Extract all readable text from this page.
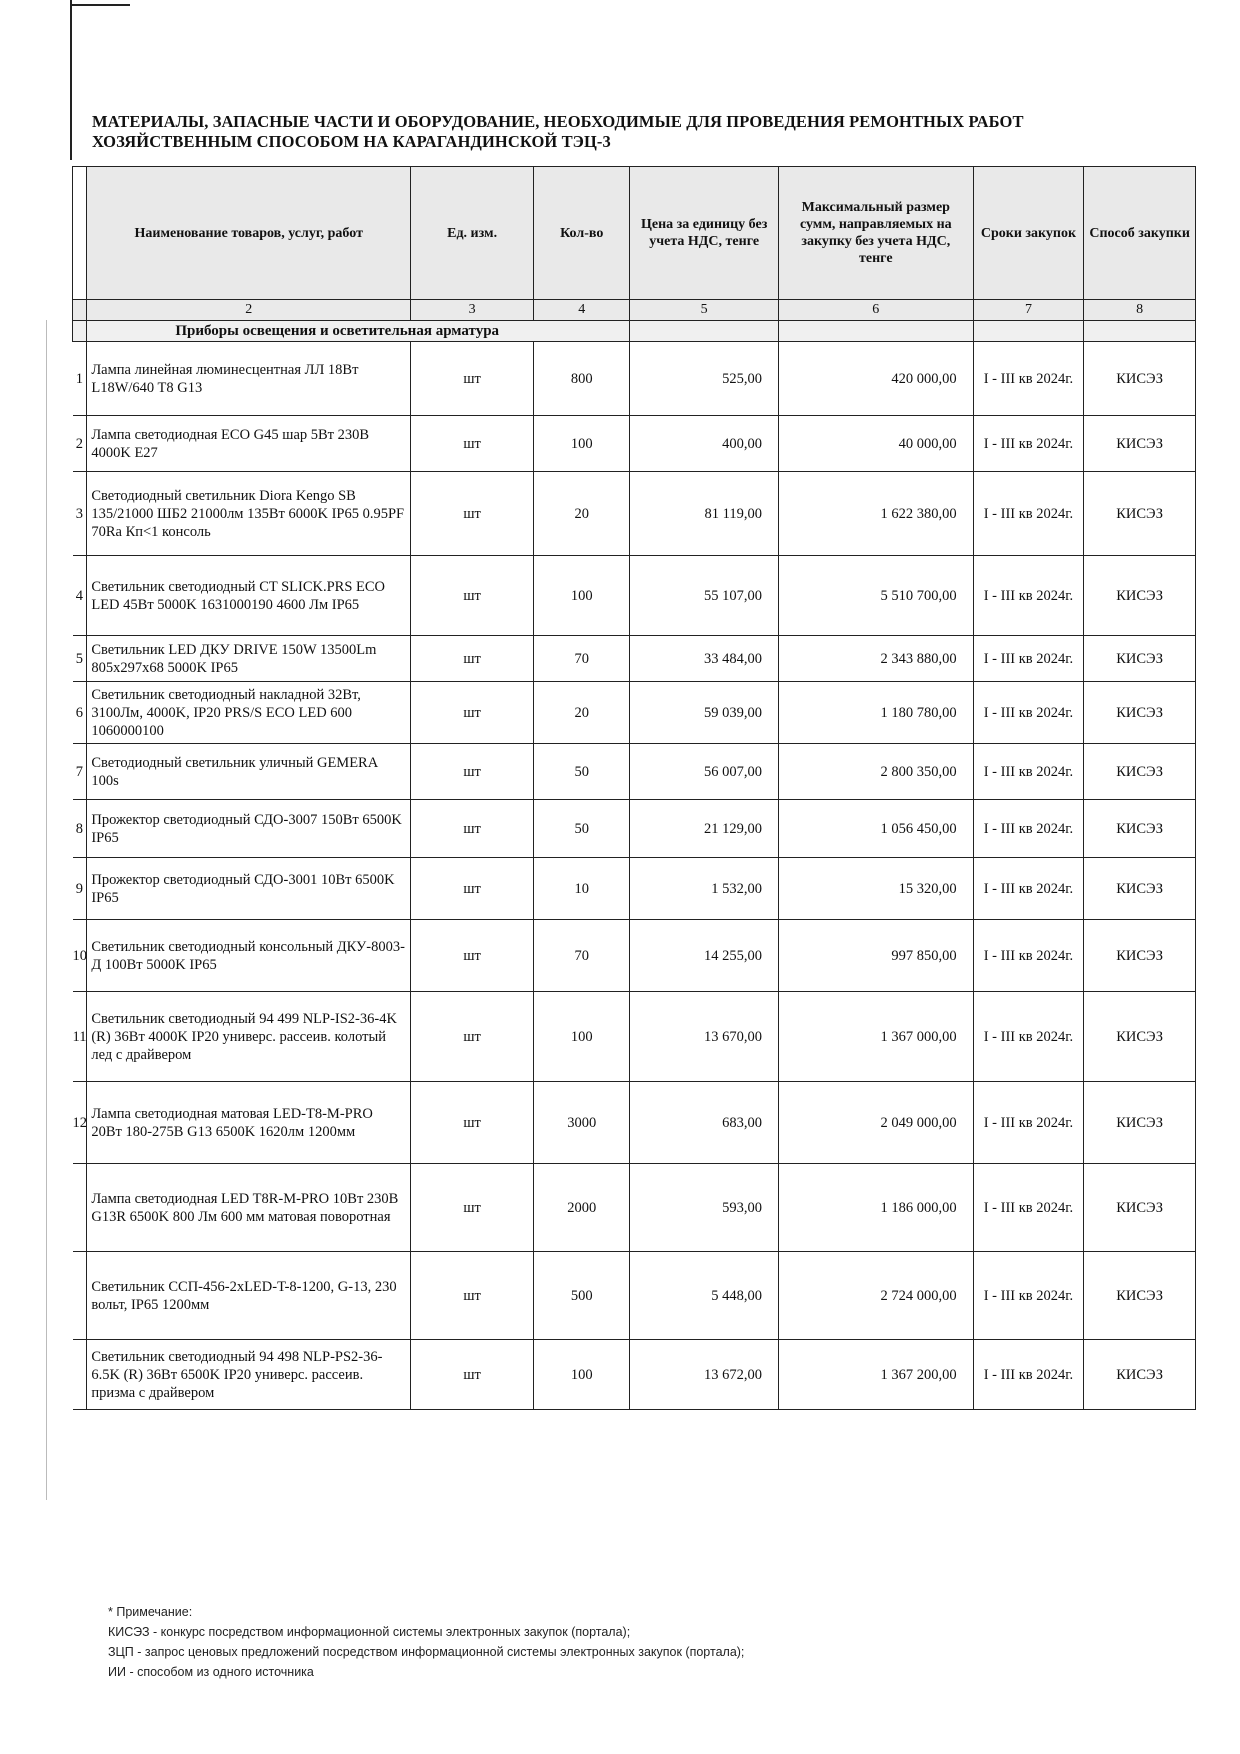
МАТЕРИАЛЫ, ЗАПАСНЫЕ ЧАСТИ И ОБОРУДОВАНИЕ, НЕОБХОДИМЫЕ ДЛЯ ПРОВЕДЕНИЯ РЕМОНТНЫХ РАБОТ
ХОЗЯЙСТВЕННЫМ СПОСОБОМ НА КАРАГАНДИНСКОЙ ТЭЦ-3
	Наименование товаров, услуг, работ	Ед. изм.	Кол-во	Цена за единицу без учета НДС, тенге	Максимальный размер сумм, направляемых на закупку без учета НДС, тенге	Сроки закупок	Способ закупки
	2	3	4	5	6	7	8
	Приборы освещения и осветительная арматура						
1	Лампа линейная люминесцентная ЛЛ 18Вт L18W/640 T8 G13	шт	800	525,00	420 000,00	I - III кв 2024г.	КИСЭЗ
2	Лампа светодиодная ECO G45 шар 5Вт 230В 4000K E27	шт	100	400,00	40 000,00	I - III кв 2024г.	КИСЭЗ
3	Светодиодный светильник Diora Kengo SB 135/21000 ШБ2 21000лм 135Вт 6000K IP65 0.95PF 70Ra Кп<1 консоль	шт	20	81 119,00	1 622 380,00	I - III кв 2024г.	КИСЭЗ
4	Светильник светодиодный CT SLICK.PRS ECO LED 45Вт 5000K 1631000190 4600 Лм IP65	шт	100	55 107,00	5 510 700,00	I - III кв 2024г.	КИСЭЗ
5	Светильник LED ДКУ DRIVE 150W 13500Lm 805x297x68 5000K IP65	шт	70	33 484,00	2 343 880,00	I - III кв 2024г.	КИСЭЗ
6	Светильник светодиодный накладной 32Вт, 3100Лм, 4000K, IP20 PRS/S ECO LED 600 1060000100	шт	20	59 039,00	1 180 780,00	I - III кв 2024г.	КИСЭЗ
7	Светодиодный светильник уличный GEMERA 100s	шт	50	56 007,00	2 800 350,00	I - III кв 2024г.	КИСЭЗ
8	Прожектор светодиодный СДО-3007 150Вт 6500K IP65	шт	50	21 129,00	1 056 450,00	I - III кв 2024г.	КИСЭЗ
9	Прожектор светодиодный СДО-3001 10Вт 6500K IP65	шт	10	1 532,00	15 320,00	I - III кв 2024г.	КИСЭЗ
10	Светильник светодиодный консольный ДКУ-8003-Д 100Вт 5000K IP65	шт	70	14 255,00	997 850,00	I - III кв 2024г.	КИСЭЗ
11	Светильник светодиодный 94 499 NLP-IS2-36-4K (R) 36Вт 4000K IP20 универс. рассеив. колотый лед с драйвером	шт	100	13 670,00	1 367 000,00	I - III кв 2024г.	КИСЭЗ
12	Лампа светодиодная матовая LED-T8-M-PRO 20Вт 180-275В G13 6500K 1620лм 1200мм	шт	3000	683,00	2 049 000,00	I - III кв 2024г.	КИСЭЗ
	Лампа светодиодная LED T8R-M-PRO 10Вт 230В G13R 6500K 800 Лм 600 мм матовая поворотная	шт	2000	593,00	1 186 000,00	I - III кв 2024г.	КИСЭЗ
	Светильник ССП-456-2xLED-T-8-1200, G-13, 230 вольт, IP65 1200мм	шт	500	5 448,00	2 724 000,00	I - III кв 2024г.	КИСЭЗ
	Светильник светодиодный 94 498 NLP-PS2-36-6.5K (R) 36Вт 6500K IP20 универс. рассеив. призма с драйвером	шт	100	13 672,00	1 367 200,00	I - III кв 2024г.	КИСЭЗ
* Примечание:
КИСЭЗ - конкурс посредством информационной системы электронных закупок (портала);
ЗЦП - запрос ценовых предложений посредством информационной системы электронных закупок (портала);
ИИ - способом из одного источника
